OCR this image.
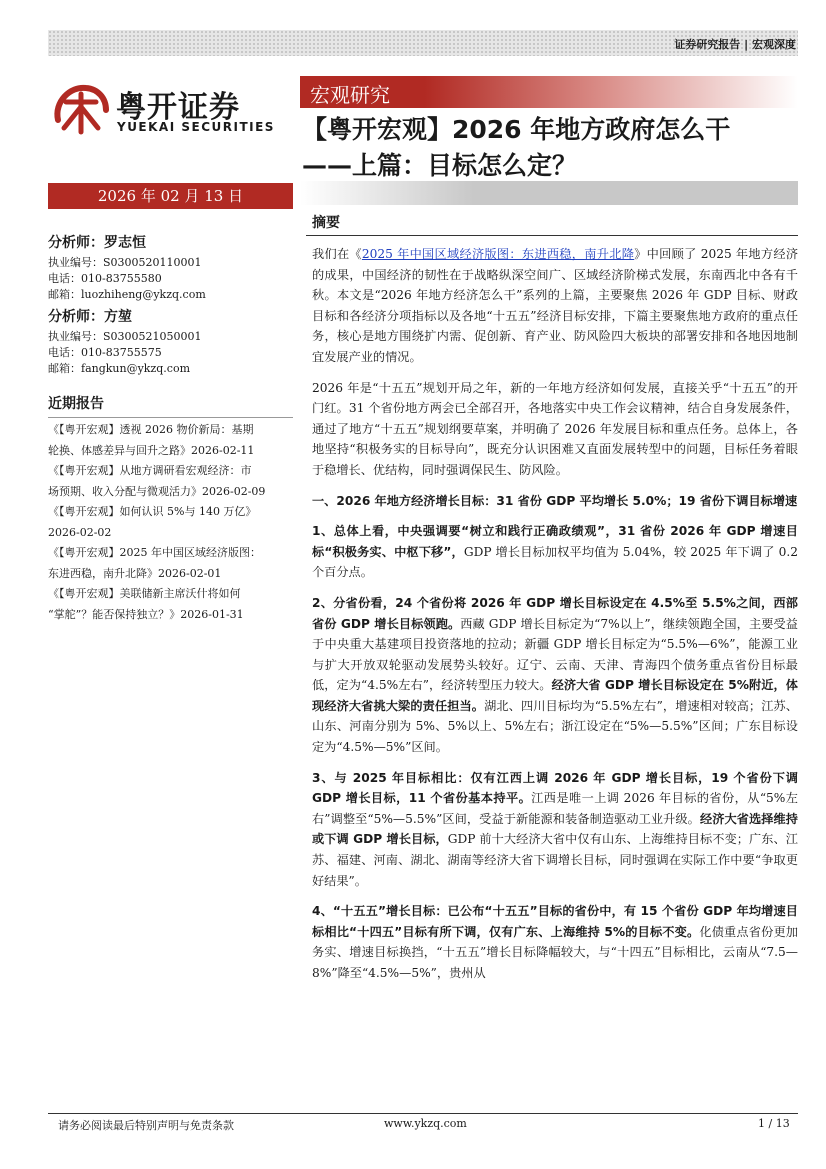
证券研究报告 | 宏观深度
粤开证券
YUEKAI SECURITIES
宏观研究
【粤开宏观】2026 年地方政府怎么干
——上篇：目标怎么定？
2026 年 02 月 13 日
摘要
分析师：罗志恒
执业编号：S0300520110001
电话：010-83755580
邮箱：luozhiheng@ykzq.com
分析师：方堃
执业编号：S0300521050001
电话：010-83755575
邮箱：fangkun@ykzq.com
近期报告
《【粤开宏观】透视 2026 物价新局：基期
轮换、体感差异与回升之路》2026-02-11
《【粤开宏观】从地方调研看宏观经济：市
场预期、收入分配与微观活力》2026-02-09
《【粤开宏观】如何认识 5%与 140 万亿》
2026-02-02
《【粤开宏观】2025 年中国区域经济版图：
东进西稳，南升北降》2026-02-01
《【粤开宏观】美联储新主席沃什将如何
“掌舵”？能否保持独立？》2026-01-31

我们在《2025 年中国区域经济版图：东进西稳，南升北降》中回顾了 2025 年地方经济的成果，中国经济的韧性在于战略纵深空间广、区域经济阶梯式发展，东南西北中各有千秋。本文是“2026 年地方经济怎么干”系列的上篇，主要聚焦 2026 年 GDP 目标、财政目标和各经济分项指标以及各地“十五五”经济目标安排，下篇主要聚焦地方政府的重点任务，核心是地方围绕扩内需、促创新、育产业、防风险四大板块的部署安排和各地因地制宜发展产业的情况。

2026 年是“十五五”规划开局之年，新的一年地方经济如何发展，直接关乎“十五五”的开门红。31 个省份地方两会已全部召开，各地落实中央工作会议精神，结合自身发展条件，通过了地方“十五五”规划纲要草案，并明确了 2026 年发展目标和重点任务。总体上，各地坚持“积极务实的目标导向”，既充分认识困难又直面发展转型中的问题，目标任务着眼于稳增长、优结构，同时强调保民生、防风险。

一、2026 年地方经济增长目标：31 省份 GDP 平均增长 5.0%；19 省份下调目标增速

1、总体上看，中央强调要“树立和践行正确政绩观”，31 省份 2026 年 GDP 增速目标“积极务实、中枢下移”，GDP 增长目标加权平均值为 5.04%，较 2025 年下调了 0.2 个百分点。

2、分省份看，24 个省份将 2026 年 GDP 增长目标设定在 4.5%至 5.5%之间，西部省份 GDP 增长目标领跑。西藏 GDP 增长目标定为“7%以上”，继续领跑全国，主要受益于中央重大基建项目投资落地的拉动；新疆 GDP 增长目标定为“5.5%—6%”，能源工业与扩大开放双轮驱动发展势头较好。辽宁、云南、天津、青海四个债务重点省份目标最低，定为“4.5%左右”，经济转型压力较大。经济大省 GDP 增长目标设定在 5%附近，体现经济大省挑大梁的责任担当。湖北、四川目标均为“5.5%左右”，增速相对较高；江苏、山东、河南分别为 5%、5%以上、5%左右；浙江设定在“5%—5.5%”区间；广东目标设定为“4.5%—5%”区间。

3、与 2025 年目标相比：仅有江西上调 2026 年 GDP 增长目标，19 个省份下调 GDP 增长目标，11 个省份基本持平。江西是唯一上调 2026 年目标的省份，从“5%左右”调整至“5%—5.5%”区间，受益于新能源和装备制造驱动工业升级。经济大省选择维持或下调 GDP 增长目标，GDP 前十大经济大省中仅有山东、上海维持目标不变；广东、江苏、福建、河南、湖北、湖南等经济大省下调增长目标，同时强调在实际工作中要“争取更好结果”。

4、“十五五”增长目标：已公布“十五五”目标的省份中，有 15 个省份 GDP 年均增速目标相比“十四五”目标有所下调，仅有广东、上海维持 5%的目标不变。化债重点省份更加务实、增速目标换挡，“十五五”增长目标降幅较大，与“十四五”目标相比，云南从“7.5—8%”降至“4.5%—5%”，贵州从

请务必阅读最后特别声明与免责条款	www.ykzq.com	1 / 13
